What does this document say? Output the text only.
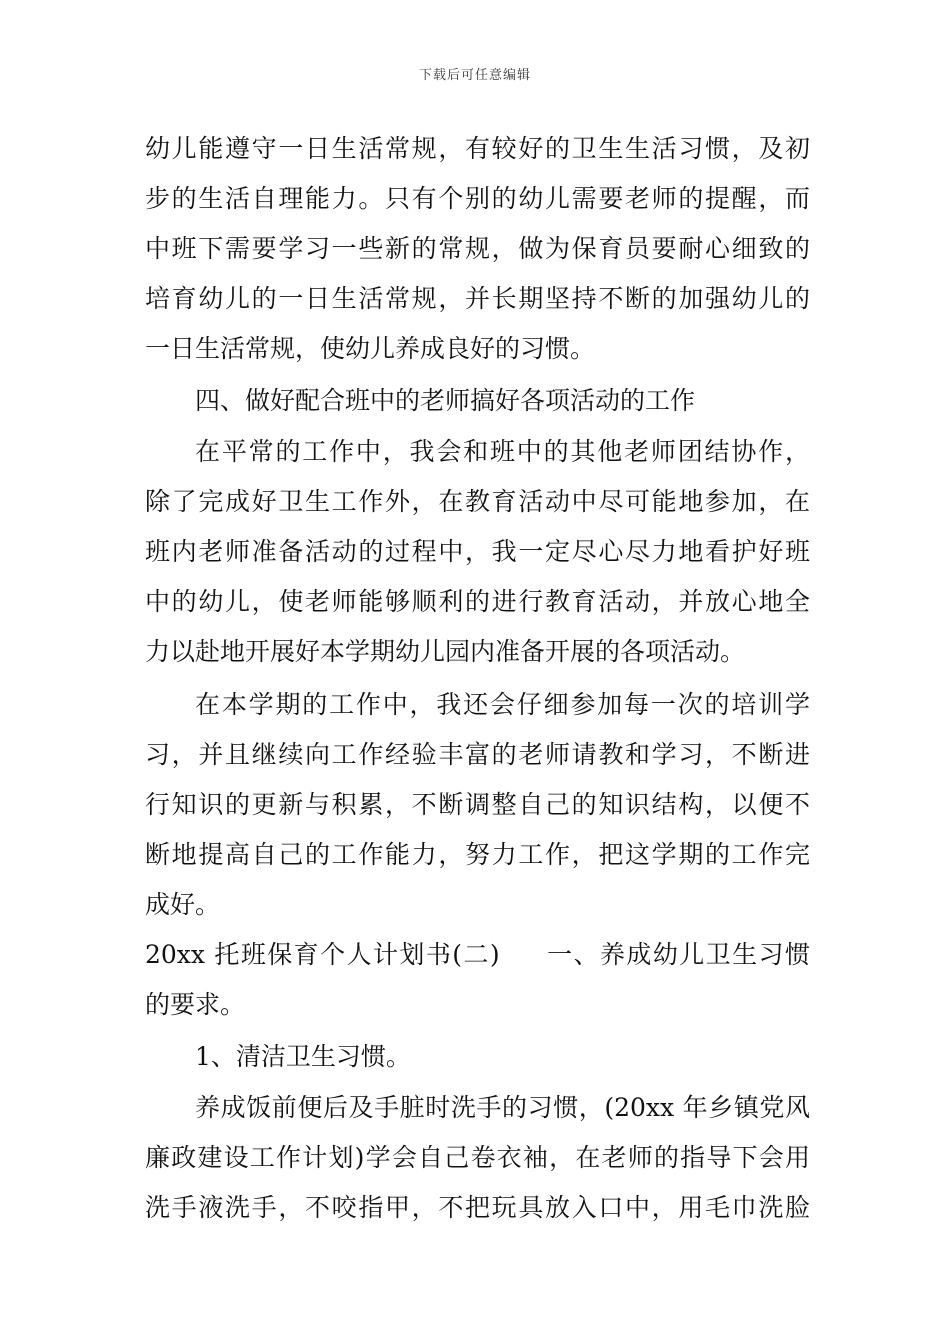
下载后可任意编辑
幼儿能遵守一日生活常规，有较好的卫生生活习惯，及初
步的生活自理能力。只有个别的幼儿需要老师的提醒，而
中班下需要学习一些新的常规，做为保育员要耐心细致的
培育幼儿的一日生活常规，并长期坚持不断的加强幼儿的
一日生活常规，使幼儿养成良好的习惯。
四、做好配合班中的老师搞好各项活动的工作
在平常的工作中，我会和班中的其他老师团结协作，
除了完成好卫生工作外，在教育活动中尽可能地参加，在
班内老师准备活动的过程中，我一定尽心尽力地看护好班
中的幼儿，使老师能够顺利的进行教育活动，并放心地全
力以赴地开展好本学期幼儿园内准备开展的各项活动。
在本学期的工作中，我还会仔细参加每一次的培训学
习，并且继续向工作经验丰富的老师请教和学习，不断进
行知识的更新与积累，不断调整自己的知识结构，以便不
断地提高自己的工作能力，努力工作，把这学期的工作完
成好。
20xx 托班保育个人计划书(二) 一、养成幼儿卫生习惯
的要求。
1、清洁卫生习惯。
养成饭前便后及手脏时洗手的习惯，(20xx 年乡镇党风
廉政建设工作计划)学会自己卷衣袖，在老师的指导下会用
洗手液洗手，不咬指甲，不把玩具放入口中，用毛巾洗脸
